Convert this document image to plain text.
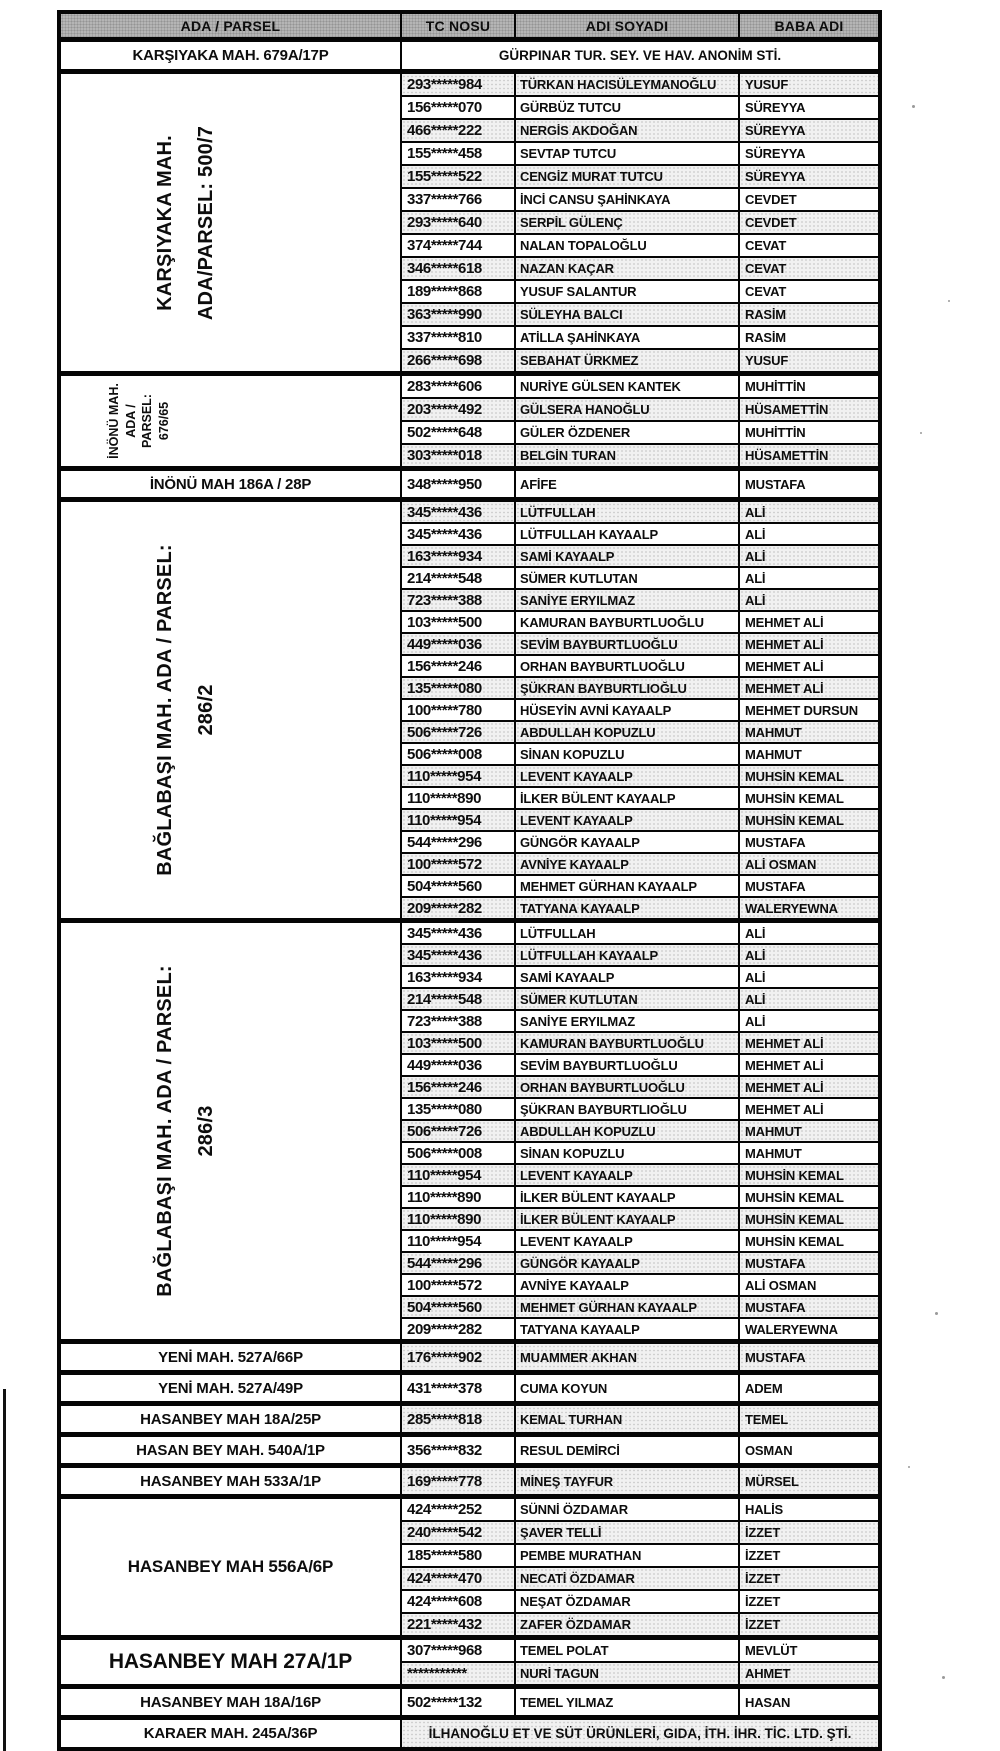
ADA / PARSEL	TC NOSU	ADI SOYADI	BABA ADI
KARŞIYAKA MAH. 679A/17P	GÜRPINAR TUR. SEY. VE HAV. ANONİM STİ.		

KARŞIYAKA MAH. ADA/PARSEL: 500/7	293*****984	TÜRKAN HACISÜLEYMANOĞLU	YUSUF
	156*****070	GÜRBÜZ TUTCU	SÜREYYA
	466*****222	NERGİS AKDOĞAN	SÜREYYA
	155*****458	SEVTAP TUTCU	SÜREYYA
	155*****522	CENGİZ MURAT TUTCU	SÜREYYA
	337*****766	İNCİ CANSU ŞAHİNKAYA	CEVDET
	293*****640	SERPİL GÜLENÇ	CEVDET
	374*****744	NALAN TOPALOĞLU	CEVAT
	346*****618	NAZAN KAÇAR	CEVAT
	189*****868	YUSUF SALANTUR	CEVAT
	363*****990	SÜLEYHA BALCI	RASİM
	337*****810	ATİLLA ŞAHİNKAYA	RASİM
	266*****698	SEBAHAT ÜRKMEZ	YUSUF

İNÖNÜ MAH. ADA / PARSEL: 676/65	283*****606	NURİYE GÜLSEN KANTEK	MUHİTTİN
	203*****492	GÜLSERA HANOĞLU	HÜSAMETTİN
	502*****648	GÜLER ÖZDENER	MUHİTTİN
	303*****018	BELGİN TURAN	HÜSAMETTİN
İNÖNÜ MAH 186A / 28P	348*****950	AFİFE	MUSTAFA

BAĞLABAŞI MAH. ADA / PARSEL: 286/2	345*****436	LÜTFULLAH	ALİ
	345*****436	LÜTFULLAH KAYAALP	ALİ
	163*****934	SAMİ KAYAALP	ALİ
	214*****548	SÜMER KUTLUTAN	ALİ
	723*****388	SANİYE ERYILMAZ	ALİ
	103*****500	KAMURAN BAYBURTLUOĞLU	MEHMET ALİ
	449*****036	SEVİM BAYBURTLUOĞLU	MEHMET ALİ
	156*****246	ORHAN BAYBURTLUOĞLU	MEHMET ALİ
	135*****080	ŞÜKRAN BAYBURTLIOĞLU	MEHMET ALİ
	100*****780	HÜSEYİN AVNİ KAYAALP	MEHMET DURSUN
	506*****726	ABDULLAH KOPUZLU	MAHMUT
	506*****008	SİNAN KOPUZLU	MAHMUT
	110*****954	LEVENT KAYAALP	MUHSİN KEMAL
	110*****890	İLKER BÜLENT KAYAALP	MUHSİN KEMAL
	110*****954	LEVENT KAYAALP	MUHSİN KEMAL
	544*****296	GÜNGÖR KAYAALP	MUSTAFA
	100*****572	AVNİYE KAYAALP	ALİ OSMAN
	504*****560	MEHMET GÜRHAN KAYAALP	MUSTAFA
	209*****282	TATYANA KAYAALP	WALERYEWNA

BAĞLABAŞI MAH. ADA / PARSEL: 286/3	345*****436	LÜTFULLAH	ALİ
	345*****436	LÜTFULLAH KAYAALP	ALİ
	163*****934	SAMİ KAYAALP	ALİ
	214*****548	SÜMER KUTLUTAN	ALİ
	723*****388	SANİYE ERYILMAZ	ALİ
	103*****500	KAMURAN BAYBURTLUOĞLU	MEHMET ALİ
	449*****036	SEVİM BAYBURTLUOĞLU	MEHMET ALİ
	156*****246	ORHAN BAYBURTLUOĞLU	MEHMET ALİ
	135*****080	ŞÜKRAN BAYBURTLIOĞLU	MEHMET ALİ
	506*****726	ABDULLAH KOPUZLU	MAHMUT
	506*****008	SİNAN KOPUZLU	MAHMUT
	110*****954	LEVENT KAYAALP	MUHSİN KEMAL
	110*****890	İLKER BÜLENT KAYAALP	MUHSİN KEMAL
	110*****890	İLKER BÜLENT KAYAALP	MUHSİN KEMAL
	110*****954	LEVENT KAYAALP	MUHSİN KEMAL
	544*****296	GÜNGÖR KAYAALP	MUSTAFA
	100*****572	AVNİYE KAYAALP	ALİ OSMAN
	504*****560	MEHMET GÜRHAN KAYAALP	MUSTAFA
	209*****282	TATYANA KAYAALP	WALERYEWNA
YENİ MAH. 527A/66P	176*****902	MUAMMER AKHAN	MUSTAFA
YENİ MAH. 527A/49P	431*****378	CUMA KOYUN	ADEM
HASANBEY MAH 18A/25P	285*****818	KEMAL TURHAN	TEMEL
HASAN BEY MAH. 540A/1P	356*****832	RESUL DEMİRCİ	OSMAN
HASANBEY MAH 533A/1P	169*****778	MİNEŞ TAYFUR	MÜRSEL
HASANBEY MAH 556A/6P	424*****252	SÜNNİ ÖZDAMAR	HALİS
	240*****542	ŞAVER TELLİ	İZZET
	185*****580	PEMBE MURATHAN	İZZET
	424*****470	NECATİ ÖZDAMAR	İZZET
	424*****608	NEŞAT ÖZDAMAR	İZZET
	221*****432	ZAFER ÖZDAMAR	İZZET
HASANBEY MAH 27A/1P	307*****968	TEMEL POLAT	MEVLÜT
	***********	NURİ TAGUN	AHMET
HASANBEY MAH 18A/16P	502*****132	TEMEL YILMAZ	HASAN
KARAER MAH. 245A/36P	İLHANOĞLU ET VE SÜT ÜRÜNLERİ, GIDA, İTH. İHR. TİC. LTD. ŞTİ.		
